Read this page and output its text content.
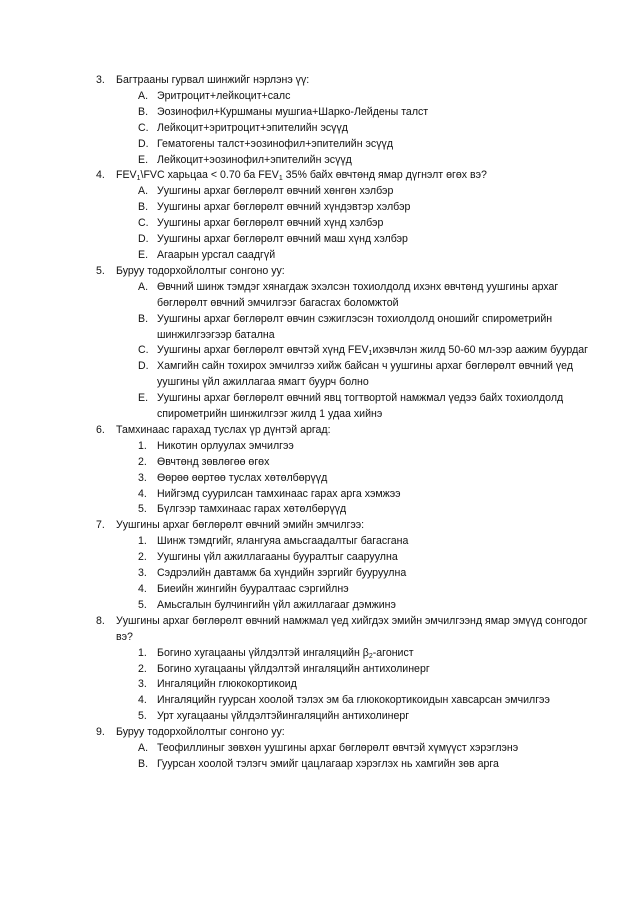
3. Багтрааны гурвал шинжийг нэрлэнэ үү:
A. Эритроцит+лейкоцит+салс
B. Эозинофил+Куршманы мушгиа+Шарко-Лейдены талст
C. Лейкоцит+эритроцит+эпителийн эсүүд
D. Гематогены талст+эозинофил+эпителийн эсүүд
E. Лейкоцит+эозинофил+эпителийн эсүүд
4. $FEV_1\backslash FVC$ харьцаа < 0.70 ба $FEV_1$ 35% байх өвчтөнд ямар дүгнэлт өгөх вэ?
A. Уушгины архаг бөглөрөлт өвчний хөнгөн хэлбэр
B. Уушгины архаг бөглөрөлт өвчний хүндэвтэр хэлбэр
C. Уушгины архаг бөглөрөлт өвчний хүнд хэлбэр
D. Уушгины архаг бөглөрөлт өвчний маш хүнд хэлбэр
E. Агаарын урсгал саадгүй
5. Буруу тодорхойлолтыг сонгоно уу:
A. Өвчний шинж тэмдэг хянагдаж эхэлсэн тохиолдолд ихэнх өвчтөнд уушгины архаг бөглөрөлт өвчний эмчилгээг багасгах боломжтой
B. Уушгины архаг бөглөрөлт өвчин сэжиглэсэн тохиолдолд оношийг спирометрийн шинжилгээгээр батална
C. Уушгины архаг бөглөрөлт өвчтэй хүнд $FEV_1ихэвчлэн$ жилд 50-60 мл-ээр аажим буурдаг
D. Хамгийн сайн тохирох эмчилгээ хийж байсан ч уушгины архаг бөглөрөлт өвчний үед уушгины үйл ажиллагаа ямагт буурч болно
E. Уушгины архаг бөглөрөлт өвчний явц тогтвортой намжмал үедээ байх тохиолдолд спирометрийн шинжилгээг жилд 1 удаа хийнэ
6. Тамхинаас гарахад туслах үр дүнтэй аргад:
1. Никотин орлуулах эмчилгээ
2. Өвчтөнд зөвлөгөө өгөх
3. Өөрөө өөртөө туслах хөтөлбөрүүд
4. Нийгэмд суурилсан тамхинаас гарах арга хэмжээ
5. Бүлгээр тамхинаас гарах хөтөлбөрүүд
7. Уушгины архаг бөглөрөлт өвчний эмийн эмчилгээ:
1. Шинж тэмдгийг, ялангуяа амьсгаадалтыг багасгана
2. Уушгины үйл ажиллагааны бууралтыг сааруулна
3. Сэдрэлийн давтамж ба хүндийн зэргийг бууруулна
4. Биеийн жингийн бууралтаас сэргийлнэ
5. Амьсгалын булчингийн үйл ажиллагааг дэмжинэ
8. Уушгины архаг бөглөрөлт өвчний намжмал үед хийгдэх эмийн эмчилгээнд ямар эмүүд сонгодог вэ?
1. Богино хугацааны үйлдэлтэй ингаляцийн $\beta_2$-агонист
2. Богино хугацааны үйлдэлтэй ингаляцийн антихолинерг
3. Ингаляцийн глюкокортикоид
4. Ингаляцийн гуурсан хоолой тэлэх эм ба глюкокортикоидын хавсарсан эмчилгээ
5. Урт хугацааны үйлдэлтэйингаляцийн антихолинерг
9. Буруу тодорхойлолтыг сонгоно уу:
A. Теофиллиныг зөвхөн уушгины архаг бөглөрөлт өвчтэй хүмүүст хэрэглэнэ
B. Гуурсан хоолой тэлэгч эмийг цацлагаар хэрэглэх нь хамгийн зөв арга
